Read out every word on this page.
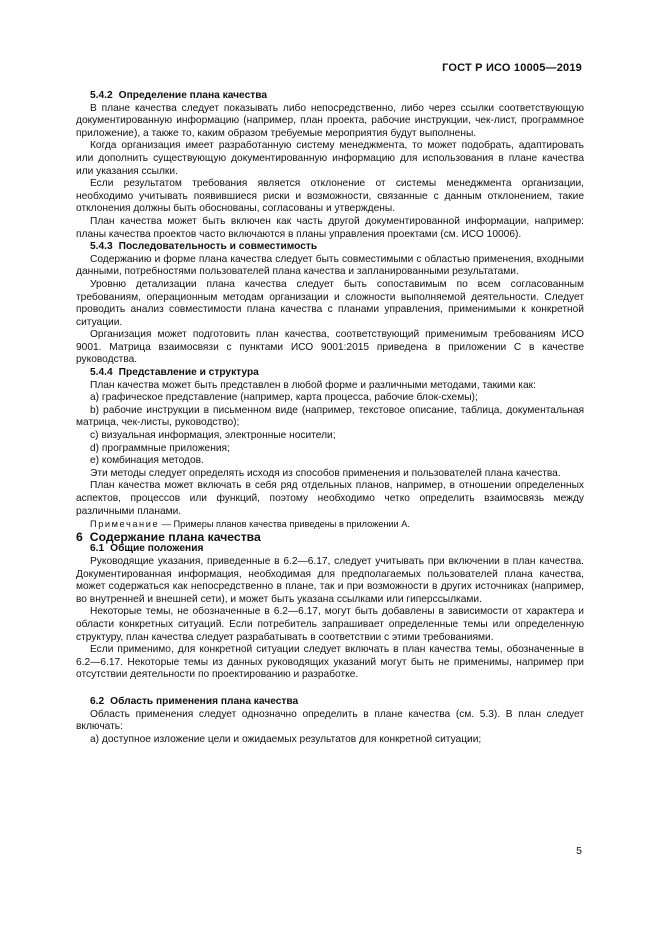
ГОСТ Р ИСО 10005—2019

5.4.2 Определение плана качества

В плане качества следует показывать либо непосредственно, либо через ссылки соответствующую документированную информацию (например, план проекта, рабочие инструкции, чек-лист, программное приложение), а также то, каким образом требуемые мероприятия будут выполнены.

Когда организация имеет разработанную систему менеджмента, то может подобрать, адаптировать или дополнить существующую документированную информацию для использования в плане качества или указания ссылки.

Если результатом требования является отклонение от системы менеджмента организации, необходимо учитывать появившиеся риски и возможности, связанные с данным отклонением, такие отклонения должны быть обоснованы, согласованы и утверждены.

План качества может быть включен как часть другой документированной информации, например: планы качества проектов часто включаются в планы управления проектами (см. ИСО 10006).

5.4.3 Последовательность и совместимость

Содержанию и форме плана качества следует быть совместимыми с областью применения, входными данными, потребностями пользователей плана качества и запланированными результатами.

Уровню детализации плана качества следует быть сопоставимым по всем согласованным требованиям, операционным методам организации и сложности выполняемой деятельности. Следует проводить анализ совместимости плана качества с планами управления, применимыми к конкретной ситуации.

Организация может подготовить план качества, соответствующий применимым требованиям ИСО 9001. Матрица взаимосвязи с пунктами ИСО 9001:2015 приведена в приложении С в качестве руководства.

5.4.4 Представление и структура

План качества может быть представлен в любой форме и различными методами, такими как:

a) графическое представление (например, карта процесса, рабочие блок-схемы);

b) рабочие инструкции в письменном виде (например, текстовое описание, таблица, документальная матрица, чек-листы, руководство);

c) визуальная информация, электронные носители;

d) программные приложения;

e) комбинация методов.

Эти методы следует определять исходя из способов применения и пользователей плана качества.

План качества может включать в себя ряд отдельных планов, например, в отношении определенных аспектов, процессов или функций, поэтому необходимо четко определить взаимосвязь между различными планами.

Примечание — Примеры планов качества приведены в приложении А.

6 Содержание плана качества

6.1 Общие положения

Руководящие указания, приведенные в 6.2—6.17, следует учитывать при включении в план качества. Документированная информация, необходимая для предполагаемых пользователей плана качества, может содержаться как непосредственно в плане, так и при возможности в других источниках (например, во внутренней и внешней сети), и может быть указана ссылками или гиперссылками.

Некоторые темы, не обозначенные в 6.2—6.17, могут быть добавлены в зависимости от характера и области конкретных ситуаций. Если потребитель запрашивает определенные темы или определенную структуру, план качества следует разрабатывать в соответствии с этими требованиями.

Если применимо, для конкретной ситуации следует включать в план качества темы, обозначенные в 6.2—6.17. Некоторые темы из данных руководящих указаний могут быть не применимы, например при отсутствии деятельности по проектированию и разработке.

6.2 Область применения плана качества

Область применения следует однозначно определить в плане качества (см. 5.3). В план следует включать:

a) доступное изложение цели и ожидаемых результатов для конкретной ситуации;

5
